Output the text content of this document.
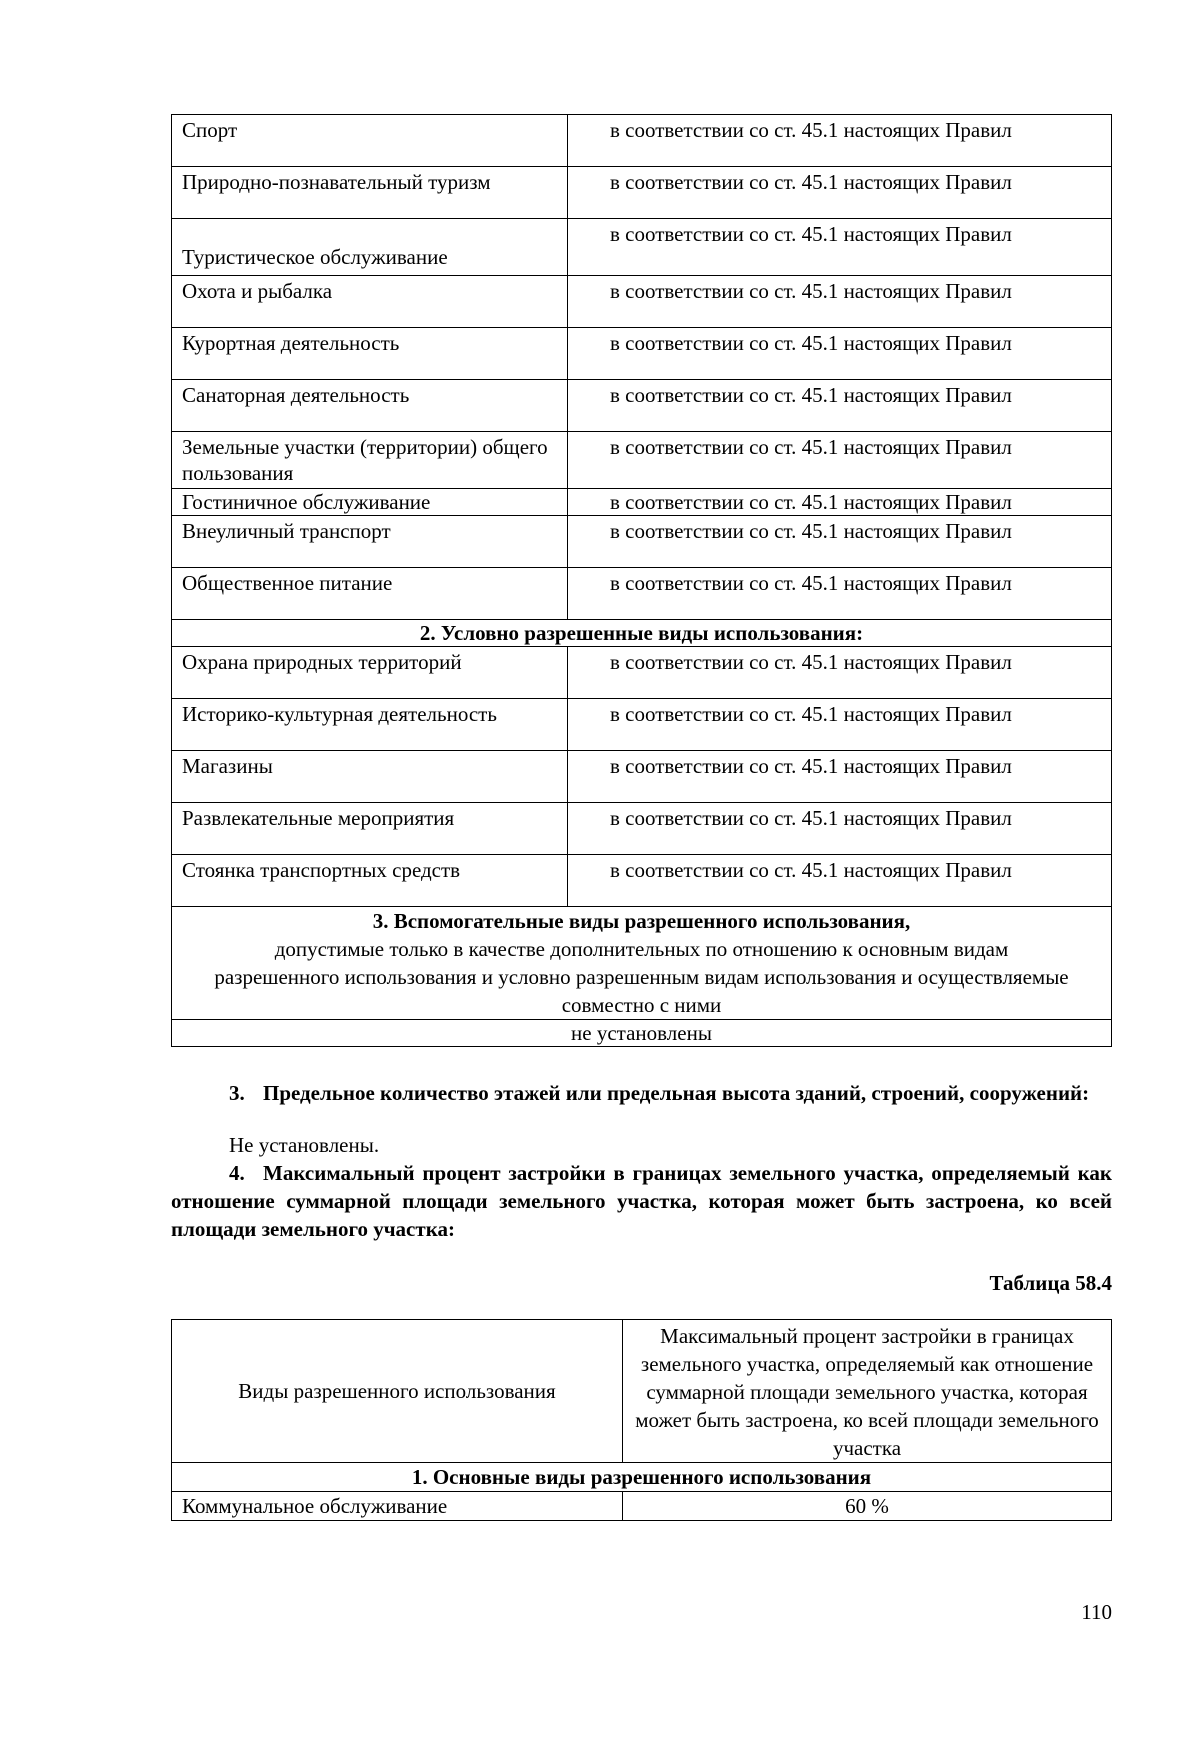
Спорт	в соответствии со ст. 45.1 настоящих Правил
Природно-познавательный туризм	в соответствии со ст. 45.1 настоящих Правил
Туристическое обслуживание	в соответствии со ст. 45.1 настоящих Правил
Охота и рыбалка	в соответствии со ст. 45.1 настоящих Правил
Курортная деятельность	в соответствии со ст. 45.1 настоящих Правил
Санаторная деятельность	в соответствии со ст. 45.1 настоящих Правил
Земельные участки (территории) общего пользования	в соответствии со ст. 45.1 настоящих Правил
Гостиничное обслуживание	в соответствии со ст. 45.1 настоящих Правил
Внеуличный транспорт	в соответствии со ст. 45.1 настоящих Правил
Общественное питание	в соответствии со ст. 45.1 настоящих Правил
2. Условно разрешенные виды использования:	
Охрана природных территорий	в соответствии со ст. 45.1 настоящих Правил
Историко-культурная деятельность	в соответствии со ст. 45.1 настоящих Правил
Магазины	в соответствии со ст. 45.1 настоящих Правил
Развлекательные мероприятия	в соответствии со ст. 45.1 настоящих Правил
Стоянка транспортных средств	в соответствии со ст. 45.1 настоящих Правил

3. Вспомогательные виды разрешенного использования,
допустимые только в качестве дополнительных по отношению к основным видам разрешенного использования и условно разрешенным видам использования и осуществляемые совместно с ними	
не установлены	
3. Предельное количество этажей или предельная высота зданий, строений, сооружений:
Не установлены.
4. Максимальный процент застройки в границах земельного участка, определяемый как отношение суммарной площади земельного участка, которая может быть застроена, ко всей площади земельного участка:
Таблица 58.4
Виды разрешенного использования	Максимальный процент застройки в границах земельного участка, определяемый как отношение суммарной площади земельного участка, которая может быть застроена, ко всей площади земельного участка
1. Основные виды разрешенного использования	
Коммунальное обслуживание	60 %
110
